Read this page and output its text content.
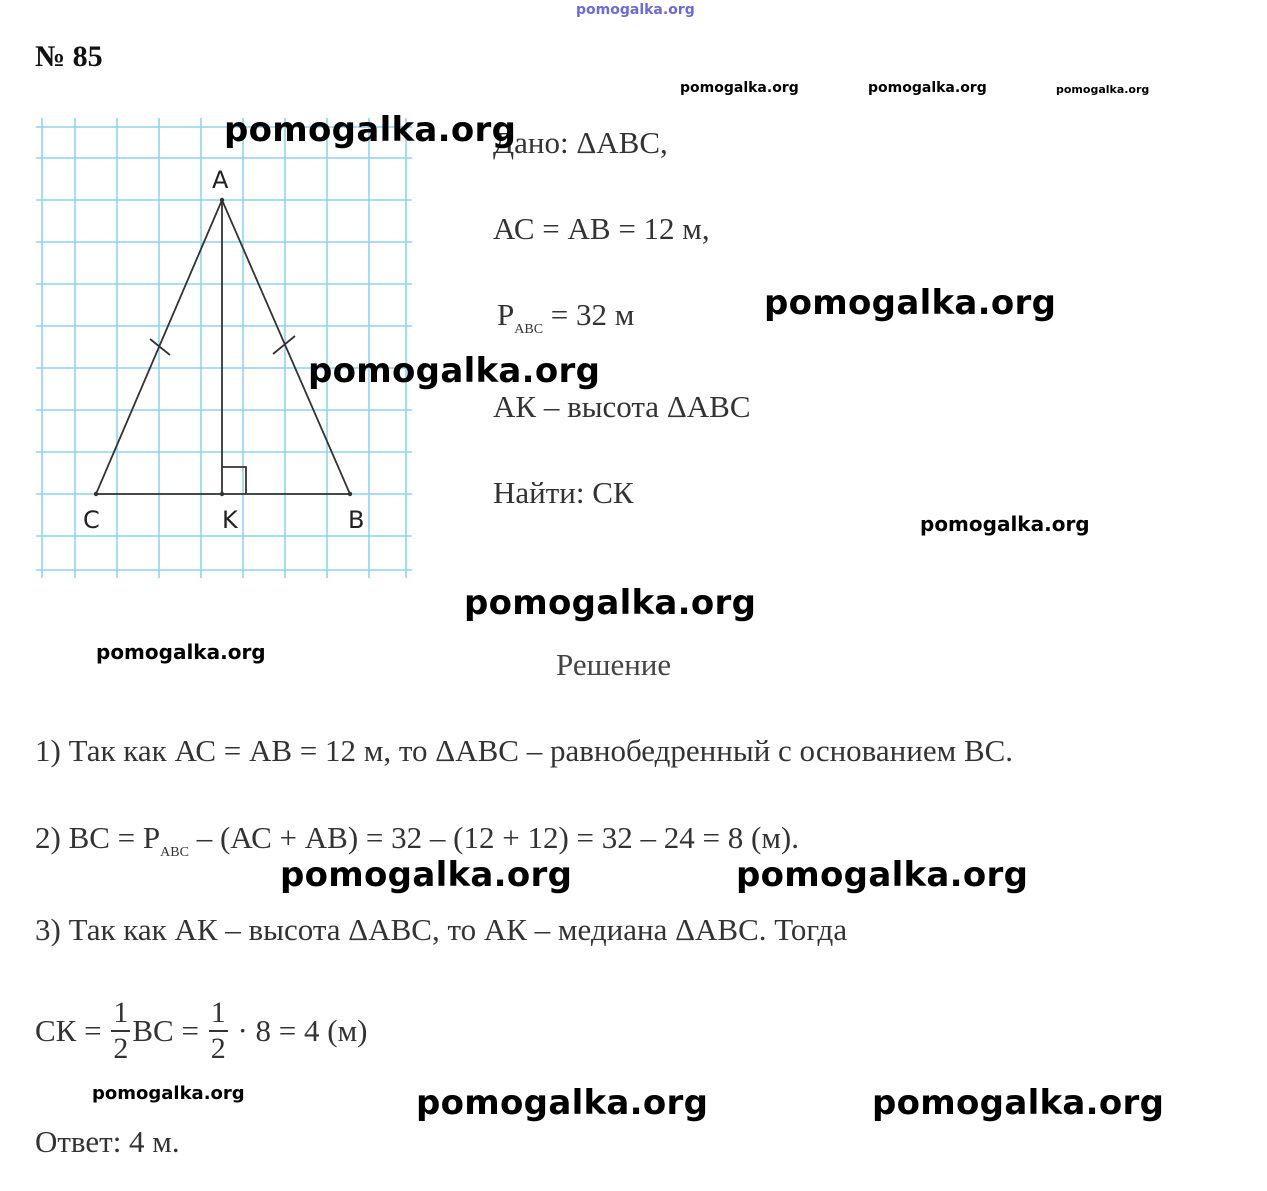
pomogalka.org
№ 85
A
C	K	B
Дано: ΔАВС,
АС = АВ = 12 м,
$P_{ABC} = 32$ м
АК – высота ΔАВС
Найти: СК
Решение
1) Так как АС = АВ = 12 м, то ΔАВС – равнобедренный с основанием ВС.
2) ВС = $P_{ABC} - (АС + АВ) = 32 - (12 + 12) = 32 - 24 = 8$ (м).
3) Так как АК – высота ΔАВС, то АК – медиана ΔАВС. Тогда
СК = $\frac{1}{2}$ ВС = $\frac{1}{2} \cdot 8 = 4$ (м)
Ответ: 4 м.
pomogalka.org	pomogalka.org	pomogalka.org
pomogalka.org
pomogalka.org
pomogalka.org
pomogalka.org
pomogalka.org
pomogalka.org
pomogalka.org	pomogalka.org
pomogalka.org	pomogalka.org	pomogalka.org
